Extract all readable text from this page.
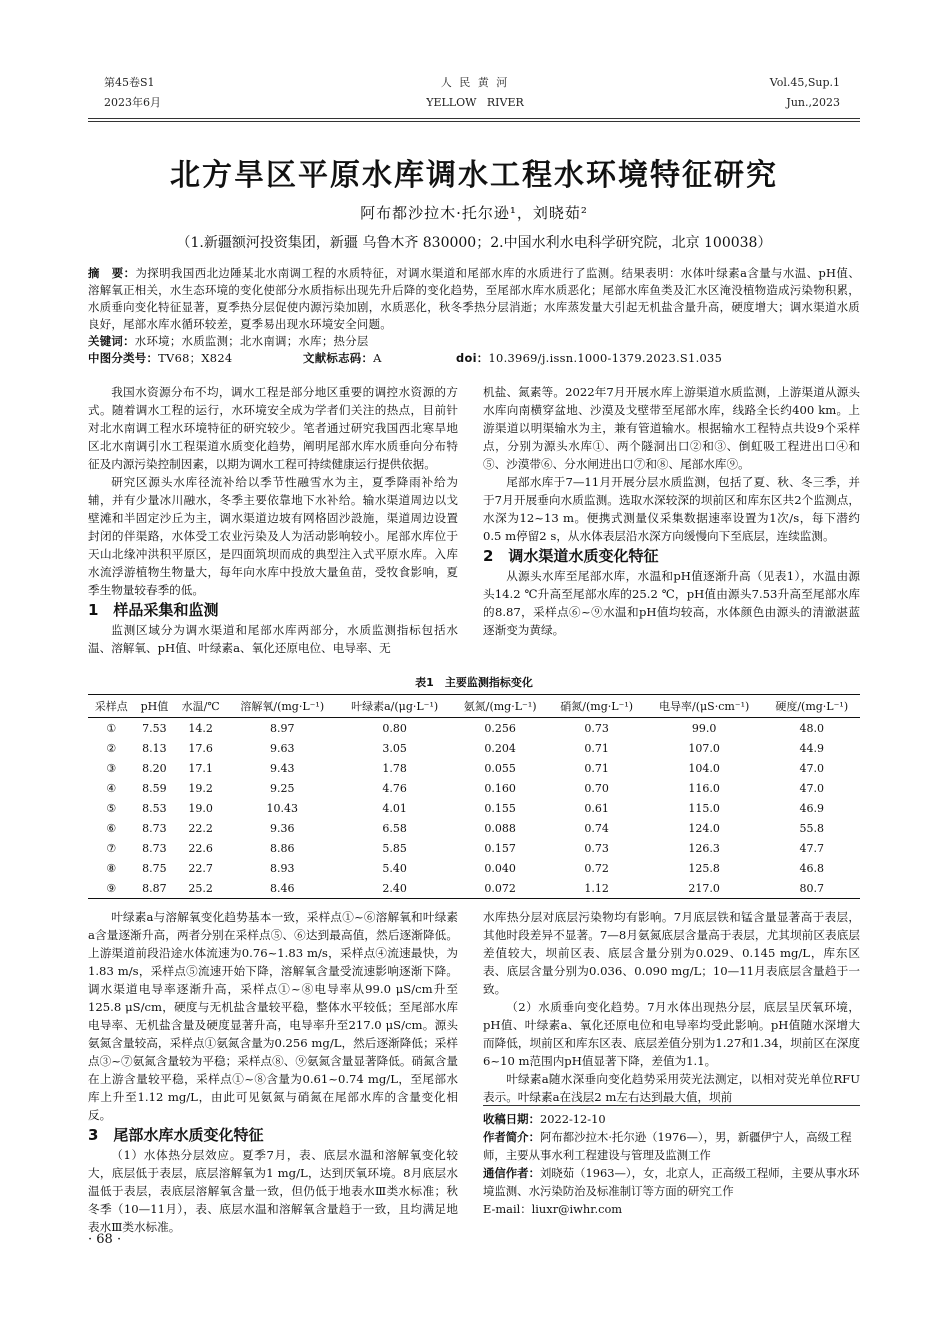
第45卷S1
2023年6月
人 民 黄 河
YELLOW   RIVER
Vol.45,Sup.1
Jun.,2023
北方旱区平原水库调水工程水环境特征研究
阿布都沙拉木·托尔逊¹，刘晓茹²
（1.新疆额河投资集团，新疆 乌鲁木齐 830000；2.中国水利水电科学研究院，北京 100038）
摘　要：为探明我国西北边陲某北水南调工程的水质特征，对调水渠道和尾部水库的水质进行了监测。结果表明：水体叶绿素a含量与水温、pH值、溶解氧正相关，水生态环境的变化使部分水质指标出现先升后降的变化趋势，至尾部水库水质恶化；尾部水库鱼类及汇水区淹没植物造成污染物积累，水质垂向变化特征显著，夏季热分层促使内源污染加剧，水质恶化，秋冬季热分层消逝；水库蒸发量大引起无机盐含量升高，硬度增大；调水渠道水质良好，尾部水库水循环较差，夏季易出现水环境安全问题。
关键词：水环境；水质监测；北水南调；水库；热分层
中图分类号：TV68；X824	文献标志码：A	doi：10.3969/j.issn.1000-1379.2023.S1.035

我国水资源分布不均，调水工程是部分地区重要的调控水资源的方式。随着调水工程的运行，水环境安全成为学者们关注的热点，目前针对北水南调工程水环境特征的研究较少。笔者通过研究我国西北寒旱地区北水南调引水工程渠道水质变化趋势，阐明尾部水库水质垂向分布特征及内源污染控制因素，以期为调水工程可持续健康运行提供依据。

研究区源头水库径流补给以季节性融雪水为主，夏季降雨补给为辅，并有少量冰川融水，冬季主要依靠地下水补给。输水渠道周边以戈壁滩和半固定沙丘为主，调水渠道边坡有网格固沙設施，渠道周边设置封闭的伴渠路，水体受工农业污染及人为活动影响较小。尾部水库位于天山北缘冲洪积平原区，是四面筑坝而成的典型注入式平原水库。入库水流浮游植物生物量大，每年向水库中投放大量鱼苗，受牧食影响，夏季生物量较春季的低。

1　样品采集和监测

监测区域分为调水渠道和尾部水库两部分，水质监测指标包括水温、溶解氧、pH值、叶绿素a、氧化还原电位、电导率、无

机盐、氮素等。2022年7月开展水库上游渠道水质监测，上游渠道从源头水库向南横穿盆地、沙漠及戈壁带至尾部水库，线路全长约400 km。上游渠道以明渠输水为主，兼有管道输水。根据输水工程特点共设9个采样点，分别为源头水库①、两个隧洞出口②和③、倒虹吸工程进出口④和⑤、沙漠带⑥、分水闸进出口⑦和⑧、尾部水库⑨。

尾部水库于7—11月开展分层水质监测，包括了夏、秋、冬三季，并于7月开展垂向水质监测。选取水深较深的坝前区和库东区共2个监测点，水深为12~13 m。便携式测量仪采集数据速率设置为1次/s，每下潜约0.5 m停留2 s，从水体表层沿水深方向缓慢向下至底层，连续监测。

2　调水渠道水质变化特征

从源头水库至尾部水库，水温和pH值逐渐升高（见表1），水温由源头14.2 ℃升高至尾部水库的25.2 ℃，pH值由源头7.53升高至尾部水库的8.87，采样点⑥~⑨水温和pH值均较高，水体颜色由源头的清澈湛蓝逐渐变为黄绿。

表1　主要监测指标变化
采样点	pH值	水温/℃	溶解氧/(mg·L⁻¹)	叶绿素a/(μg·L⁻¹)	氨氮/(mg·L⁻¹)	硝氮/(mg·L⁻¹)	电导率/(μS·cm⁻¹)	硬度/(mg·L⁻¹)
①	7.53	14.2	8.97	0.80	0.256	0.73	99.0	48.0
②	8.13	17.6	9.63	3.05	0.204	0.71	107.0	44.9
③	8.20	17.1	9.43	1.78	0.055	0.71	104.0	47.0
④	8.59	19.2	9.25	4.76	0.160	0.70	116.0	47.0
⑤	8.53	19.0	10.43	4.01	0.155	0.61	115.0	46.9
⑥	8.73	22.2	9.36	6.58	0.088	0.74	124.0	55.8
⑦	8.73	22.6	8.86	5.85	0.157	0.73	126.3	47.7
⑧	8.75	22.7	8.93	5.40	0.040	0.72	125.8	46.8
⑨	8.87	25.2	8.46	2.40	0.072	1.12	217.0	80.7

叶绿素a与溶解氧变化趋势基本一致，采样点①~⑥溶解氧和叶绿素a含量逐渐升高，两者分别在采样点⑤、⑥达到最高值，然后逐渐降低。上游渠道前段沿途水体流速为0.76~1.83 m/s，采样点④流速最快，为1.83 m/s，采样点⑤流速开始下降，溶解氧含量受流速影响逐渐下降。调水渠道电导率逐渐升高，采样点①~⑧电导率从99.0 μS/cm升至125.8 μS/cm，硬度与无机盐含量较平稳，整体水平较低；至尾部水库电导率、无机盐含量及硬度显著升高，电导率升至217.0 μS/cm。源头氨氮含量较高，采样点①氨氮含量为0.256 mg/L，然后逐渐降低；采样点③~⑦氨氮含量较为平稳；采样点⑧、⑨氨氮含量显著降低。硝氮含量在上游含量较平稳，采样点①~⑧含量为0.61~0.74 mg/L，至尾部水库上升至1.12 mg/L，由此可见氨氮与硝氮在尾部水库的含量变化相反。

3　尾部水库水质变化特征

（1）水体热分层效应。夏季7月，表、底层水温和溶解氧变化较大，底层低于表层，底层溶解氧为1 mg/L，达到厌氧环境。8月底层水温低于表层，表底层溶解氧含量一致，但仍低于地表水Ⅲ类水标准；秋冬季（10—11月），表、底层水温和溶解氧含量趋于一致，且均满足地表水Ⅲ类水标准。

水库热分层对底层污染物均有影响。7月底层铁和锰含量显著高于表层，其他时段差异不显著。7—8月氨氮底层含量高于表层，尤其坝前区表底层差值较大，坝前区表、底层含量分别为0.029、0.145 mg/L，库东区表、底层含量分别为0.036、0.090 mg/L；10—11月表底层含量趋于一致。

（2）水质垂向变化趋势。7月水体出现热分层，底层呈厌氧环境，pH值、叶绿素a、氧化还原电位和电导率均受此影响。pH值随水深增大而降低，坝前区和库东区表、底层差值分别为1.27和1.34，坝前区在深度6~10 m范围内pH值显著下降，差值为1.1。

叶绿素a随水深垂向变化趋势采用荧光法测定，以相对荧光单位RFU表示。叶绿素a在浅层2 m左右达到最大值，坝前

收稿日期：2022-12-10

作者简介：阿布都沙拉木·托尔逊（1976—），男，新疆伊宁人，高级工程师，主要从事水利工程建设与管理及监测工作

通信作者：刘晓茹（1963—），女，北京人，正高级工程师，主要从事水环境监测、水污染防治及标准制订等方面的研究工作

E-mail：liuxr@iwhr.com

· 68 ·
